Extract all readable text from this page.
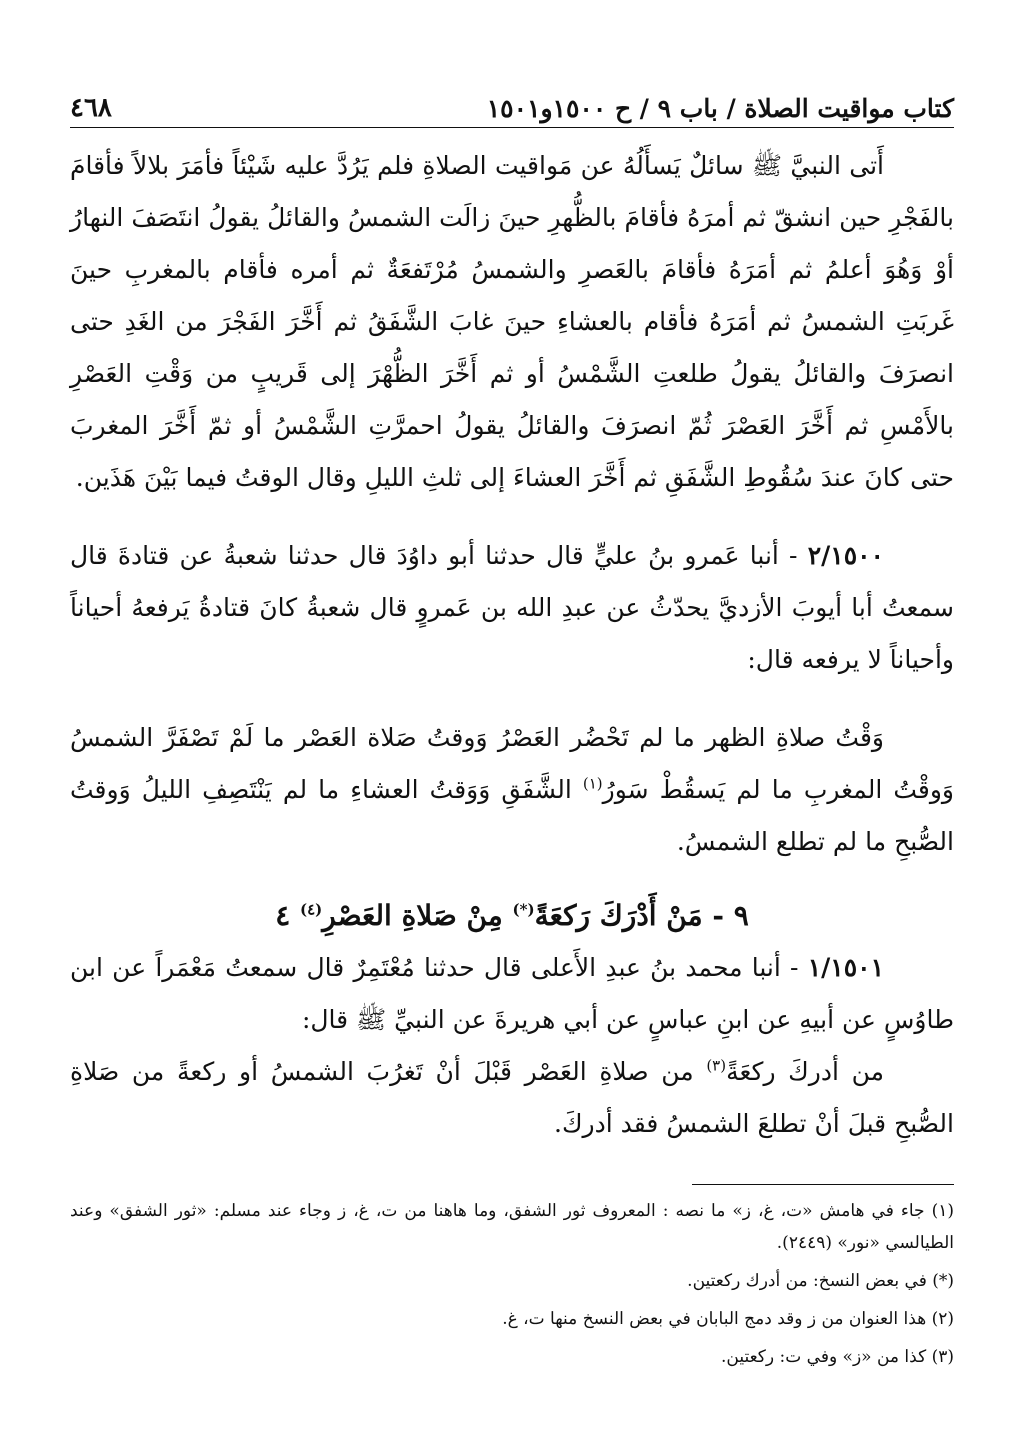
كتاب مواقيت الصلاة / باب ٩ / ح ١٥٠٠و١٥٠١
٤٦٨

أَتى النبيَّ ﷺ سائلٌ يَسأَلُهُ عن مَواقيت الصلاةِ فلم يَرُدَّ عليه شَيْئاً فأمَرَ بلالاً فأقامَ بالفَجْرِ حين انشقّ ثم أمرَهُ فأقامَ بالظُّهرِ حينَ زالَت الشمسُ والقائلُ يقولُ انتَصَفَ النهارُ أوْ وَهُوَ أعلمُ ثم أمَرَهُ فأقامَ بالعَصرِ والشمسُ مُرْتَفعَةٌ ثم أمره فأقام بالمغربِ حينَ غَربَتِ الشمسُ ثم أمَرَهُ فأقام بالعشاءِ حينَ غابَ الشَّفَقُ ثم أَخَّرَ الفَجْرَ من الغَدِ حتى انصرَفَ والقائلُ يقولُ طلعتِ الشَّمْسُ أو ثم أَخَّرَ الظُّهْرَ إلى قَريبٍ من وَقْتِ العَصْرِ بالأَمْسِ ثم أَخَّرَ العَصْرَ ثُمّ انصرَفَ والقائلُ يقولُ احمرَّتِ الشَّمْسُ أو ثمّ أَخَّرَ المغربَ حتى كانَ عندَ سُقُوطِ الشَّفَقِ ثم أَخَّرَ العشاءَ إلى ثلثِ الليلِ وقال الوقتُ فيما بَيْنَ هَذَين.

٢/١٥٠٠ - أنبا عَمرو بنُ عليٍّ قال حدثنا أبو داوُدَ قال حدثنا شعبةُ عن قتادةَ قال سمعتُ أبا أيوبَ الأزديَّ يحدّثُ عن عبدِ الله بن عَمروٍ قال شعبةُ كانَ قتادةُ يَرفعهُ أحياناً وأحياناً لا يرفعه قال:

وَقْتُ صلاةِ الظهر ما لم تَحْضُر العَصْرُ وَوقتُ صَلاة العَصْر ما لَمْ تَصْفَرَّ الشمسُ وَوقْتُ المغربِ ما لم يَسقُطْ سَورُ$^{(١)}$ الشَّفَقِ وَوَقتُ العشاءِ ما لم يَنْتَصِفِ الليلُ وَوقتُ الصُّبحِ ما لم تطلع الشمسُ.

٩ - مَنْ أَدْرَكَ رَكعَةً(*) مِنْ صَلاةِ العَصْرِ$^{(٤)}$ ٤

١/١٥٠١ - أنبا محمد بنُ عبدِ الأَعلى قال حدثنا مُعْتَمِرٌ قال سمعتُ مَعْمَراً عن ابن طاوُسٍ عن أبيهِ عن ابنِ عباسٍ عن أبي هريرةَ عن النبيِّ ﷺ قال:

من أدركَ ركعَةً$^{(٣)}$ من صلاةِ العَصْر قَبْلَ أنْ تَغرُبَ الشمسُ أو ركعةً من صَلاةِ الصُّبحِ قبلَ أنْ تطلعَ الشمسُ فقد أدركَ.

(١) جاء في هامش «ت، غ، ز» ما نصه : المعروف ثور الشفق، وما هاهنا من ت، غ، ز وجاء عند مسلم: «ثور الشفق» وعند الطيالسي «نور» (٢٤٤٩).

(*) في بعض النسخ: من أدرك ركعتين.

(٢) هذا العنوان من ز وقد دمج البابان في بعض النسخ منها ت، غ.

(٣) كذا من «ز» وفي ت: ركعتين.
